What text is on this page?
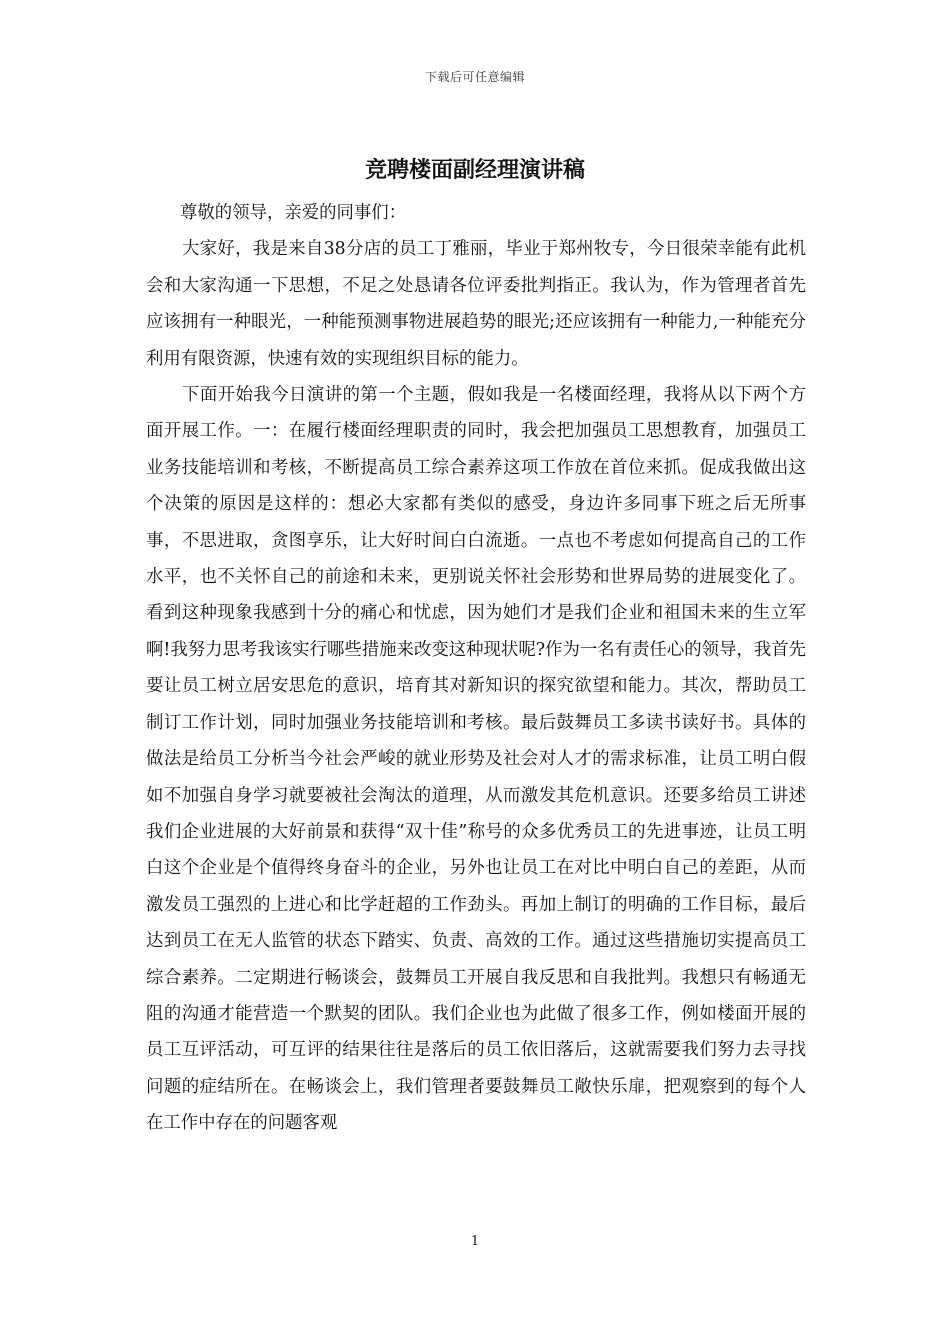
下载后可任意编辑
竞聘楼面副经理演讲稿

尊敬的领导，亲爱的同事们：

大家好，我是来自38分店的员工丁雅丽，毕业于郑州牧专，今日很荣幸能有此机会和大家沟通一下思想，不足之处恳请各位评委批判指正。我认为，作为管理者首先应该拥有一种眼光，一种能预测事物进展趋势的眼光;还应该拥有一种能力,一种能充分利用有限资源，快速有效的实现组织目标的能力。

下面开始我今日演讲的第一个主题，假如我是一名楼面经理，我将从以下两个方面开展工作。一：在履行楼面经理职责的同时，我会把加强员工思想教育，加强员工业务技能培训和考核，不断提高员工综合素养这项工作放在首位来抓。促成我做出这个决策的原因是这样的：想必大家都有类似的感受，身边许多同事下班之后无所事事，不思进取，贪图享乐，让大好时间白白流逝。一点也不考虑如何提高自己的工作水平，也不关怀自己的前途和未来，更别说关怀社会形势和世界局势的进展变化了。看到这种现象我感到十分的痛心和忧虑，因为她们才是我们企业和祖国未来的生立军啊!我努力思考我该实行哪些措施来改变这种现状呢?作为一名有责任心的领导，我首先要让员工树立居安思危的意识，培育其对新知识的探究欲望和能力。其次，帮助员工制订工作计划，同时加强业务技能培训和考核。最后鼓舞员工多读书读好书。具体的做法是给员工分析当今社会严峻的就业形势及社会对人才的需求标准，让员工明白假如不加强自身学习就要被社会淘汰的道理，从而激发其危机意识。还要多给员工讲述我们企业进展的大好前景和获得“双十佳”称号的众多优秀员工的先进事迹，让员工明白这个企业是个值得终身奋斗的企业，另外也让员工在对比中明白自己的差距，从而激发员工强烈的上进心和比学赶超的工作劲头。再加上制订的明确的工作目标，最后达到员工在无人监管的状态下踏实、负责、高效的工作。通过这些措施切实提高员工综合素养。二定期进行畅谈会，鼓舞员工开展自我反思和自我批判。我想只有畅通无阻的沟通才能营造一个默契的团队。我们企业也为此做了很多工作，例如楼面开展的员工互评活动，可互评的结果往往是落后的员工依旧落后，这就需要我们努力去寻找问题的症结所在。在畅谈会上，我们管理者要鼓舞员工敞快乐扉，把观察到的每个人在工作中存在的问题客观

1
